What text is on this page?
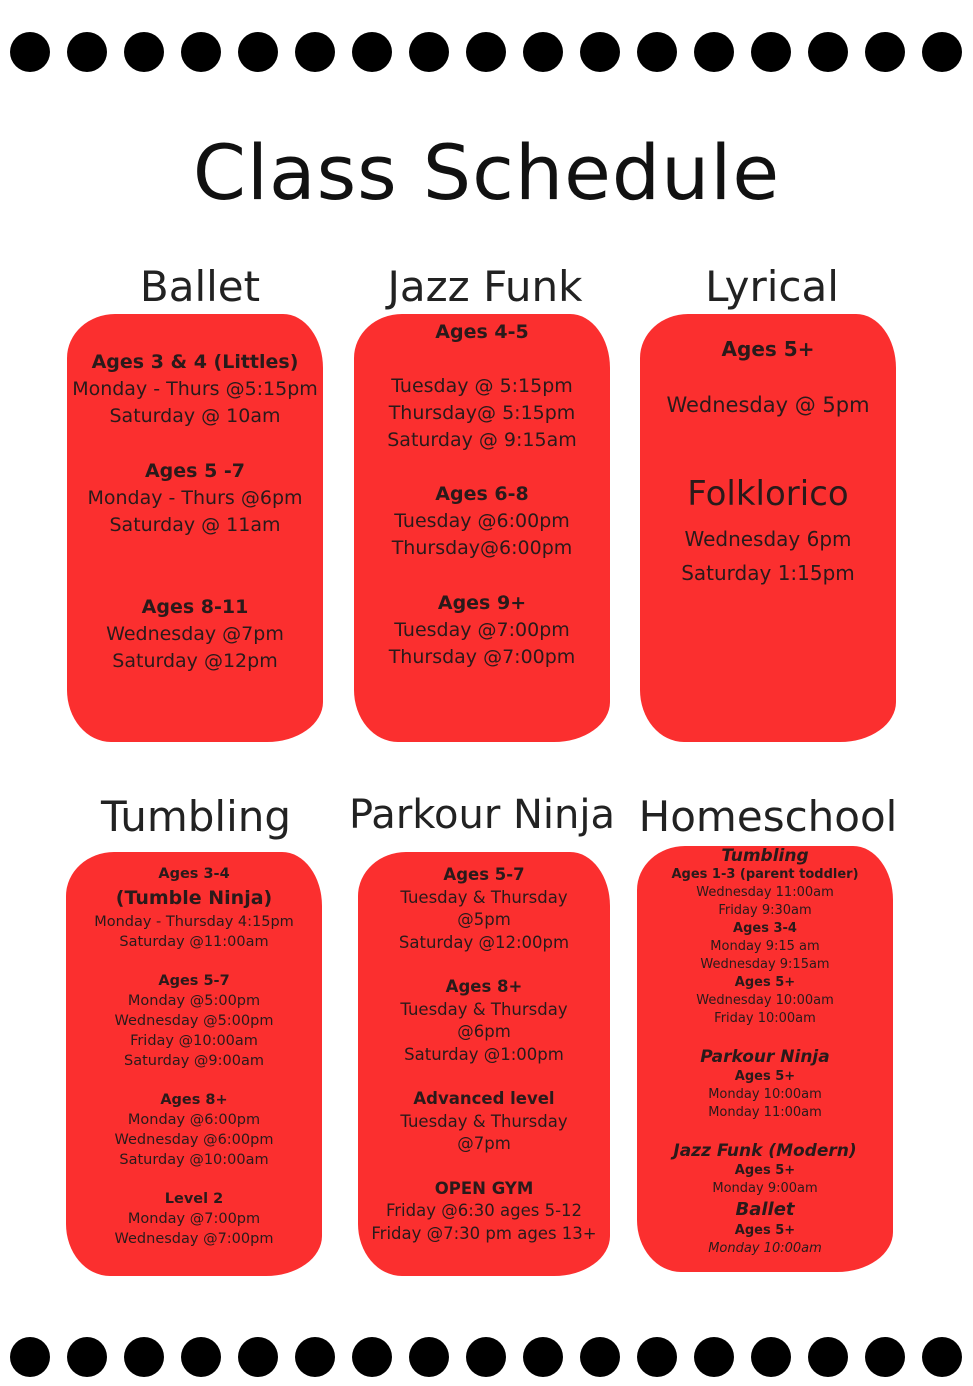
Class Schedule
Ballet	Jazz Funk	Lyrical
Tumbling	Parkour Ninja Homeschool
Ages 3 & 4 (Littles)
Monday - Thurs @5:15pm
Saturday @ 10am
Ages 5 -7
Monday - Thurs @6pm
Saturday @ 11am
Ages 8-11
Wednesday @7pm
Saturday @12pm
Ages 4-5
Tuesday @ 5:15pm
Thursday@ 5:15pm
Saturday @ 9:15am
Ages 6-8
Tuesday @6:00pm
Thursday@6:00pm
Ages 9+
Tuesday @7:00pm
Thursday @7:00pm
Ages 5+
Wednesday @ 5pm
Folklorico
Wednesday 6pm
Saturday 1:15pm
Ages 3-4
(Tumble Ninja)
Monday - Thursday 4:15pm
Saturday @11:00am
Ages 5-7
Monday @5:00pm
Wednesday @5:00pm
Friday @10:00am
Saturday @9:00am
Ages 8+
Monday @6:00pm
Wednesday @6:00pm
Saturday @10:00am
Level 2
Monday @7:00pm
Wednesday @7:00pm
Ages 5-7
Tuesday & Thursday
@5pm
Saturday @12:00pm
Ages 8+
Tuesday & Thursday
@6pm
Saturday @1:00pm
Advanced level
Tuesday & Thursday
@7pm
OPEN GYM
Friday @6:30 ages 5-12
Friday @7:30 pm ages 13+
Tumbling
Ages 1-3 (parent toddler)
Wednesday 11:00am
Friday 9:30am
Ages 3-4
Monday 9:15 am
Wednesday 9:15am
Ages 5+
Wednesday 10:00am
Friday 10:00am
Parkour Ninja
Ages 5+
Monday 10:00am
Monday 11:00am
Jazz Funk (Modern)
Ages 5+
Monday 9:00am
Ballet
Ages 5+
Monday 10:00am
